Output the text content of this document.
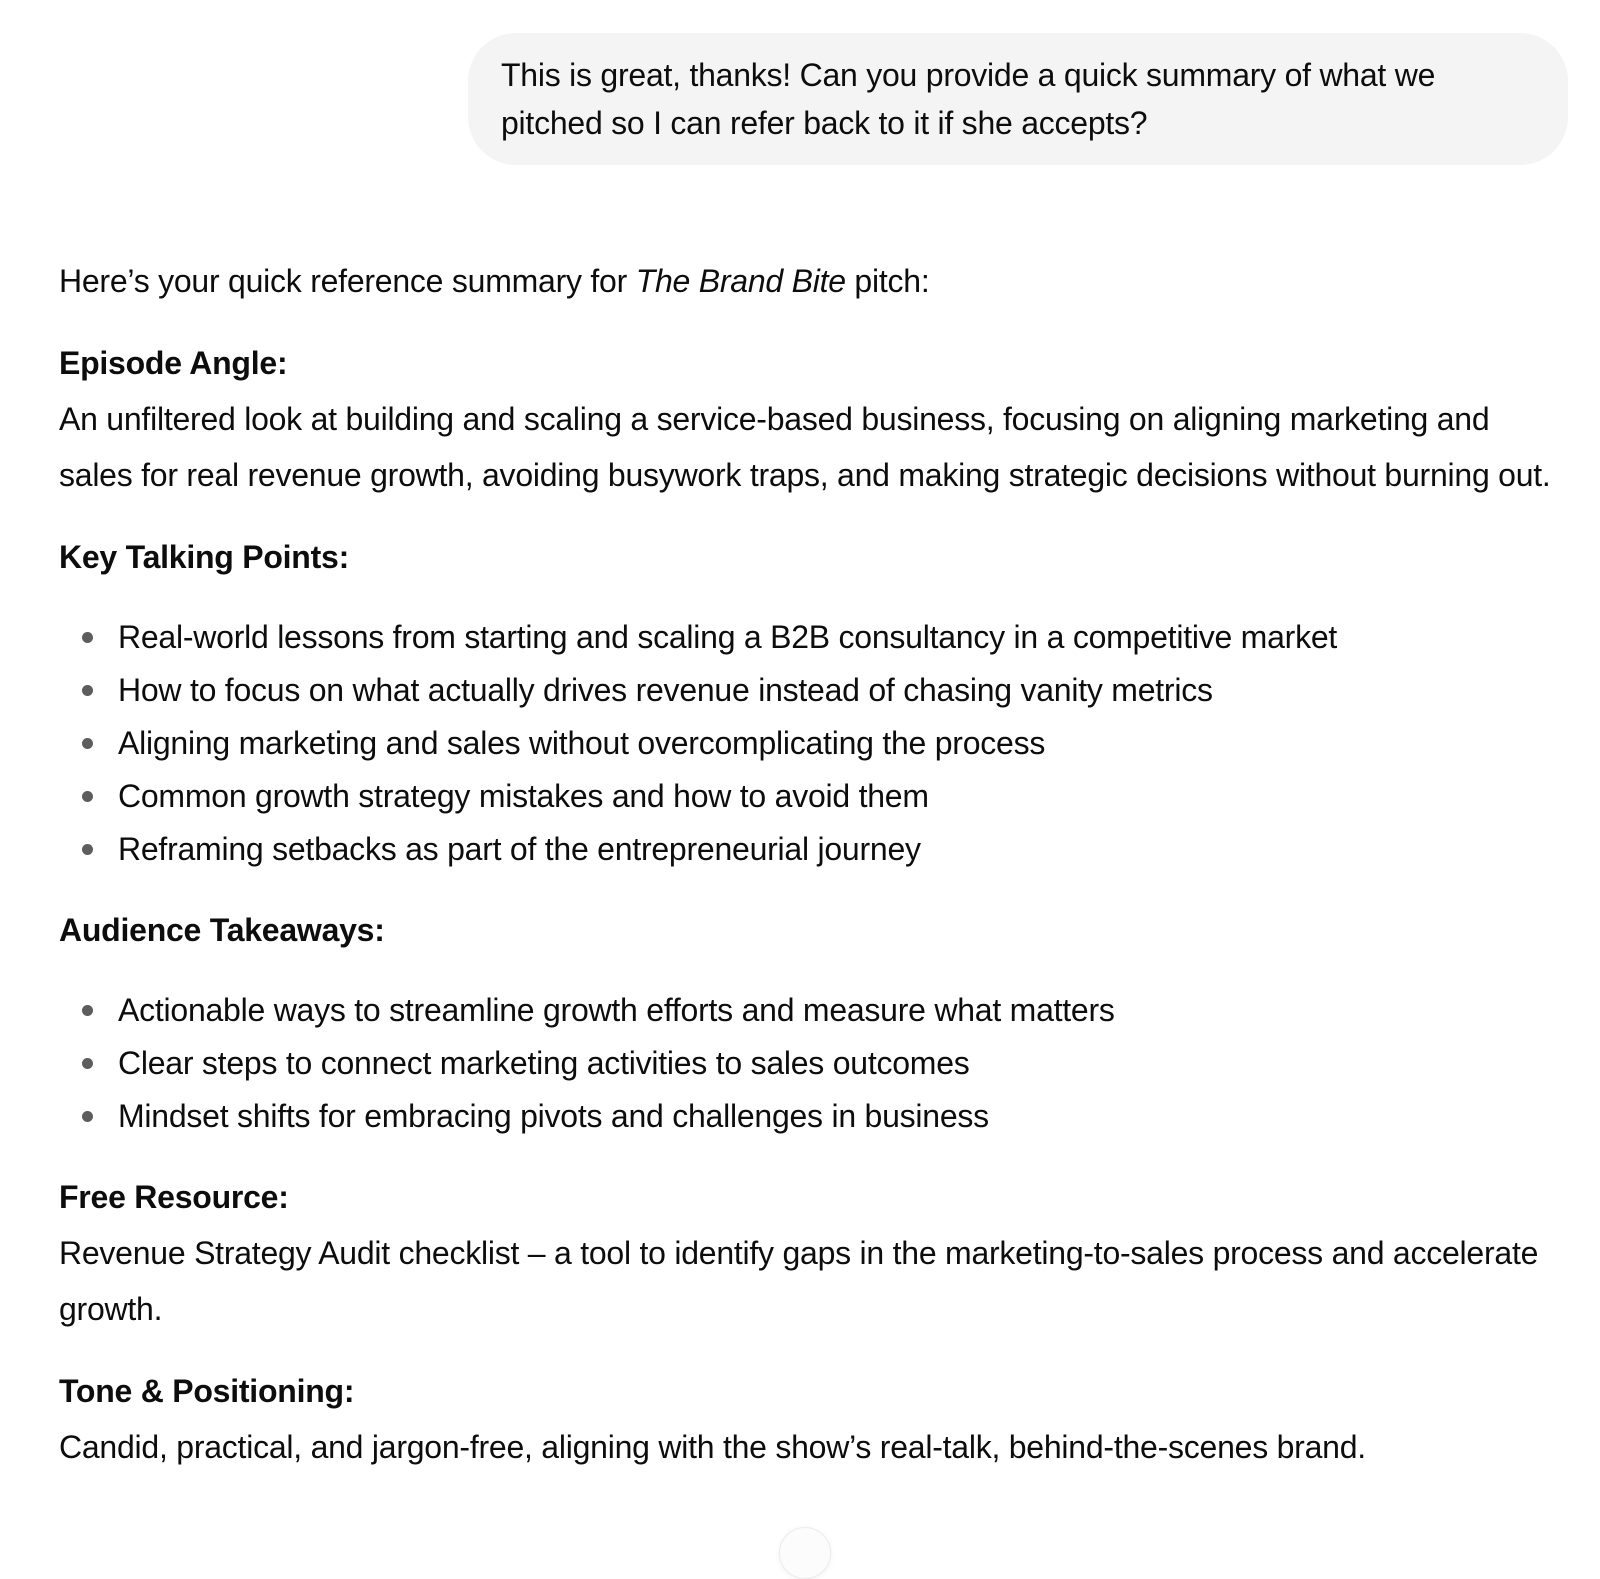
This is great, thanks! Can you provide a quick summary of what we pitched so I can refer back to it if she accepts?

Here’s your quick reference summary for The Brand Bite pitch:

Episode Angle:
An unfiltered look at building and scaling a service-based business, focusing on aligning marketing and sales for real revenue growth, avoiding busywork traps, and making strategic decisions without burning out.

Key Talking Points:

Real-world lessons from starting and scaling a B2B consultancy in a competitive market
How to focus on what actually drives revenue instead of chasing vanity metrics
Aligning marketing and sales without overcomplicating the process
Common growth strategy mistakes and how to avoid them
Reframing setbacks as part of the entrepreneurial journey

Audience Takeaways:

Actionable ways to streamline growth efforts and measure what matters
Clear steps to connect marketing activities to sales outcomes
Mindset shifts for embracing pivots and challenges in business

Free Resource:
Revenue Strategy Audit checklist – a tool to identify gaps in the marketing-to-sales process and accelerate growth.

Tone & Positioning:
Candid, practical, and jargon-free, aligning with the show’s real-talk, behind-the-scenes brand.
